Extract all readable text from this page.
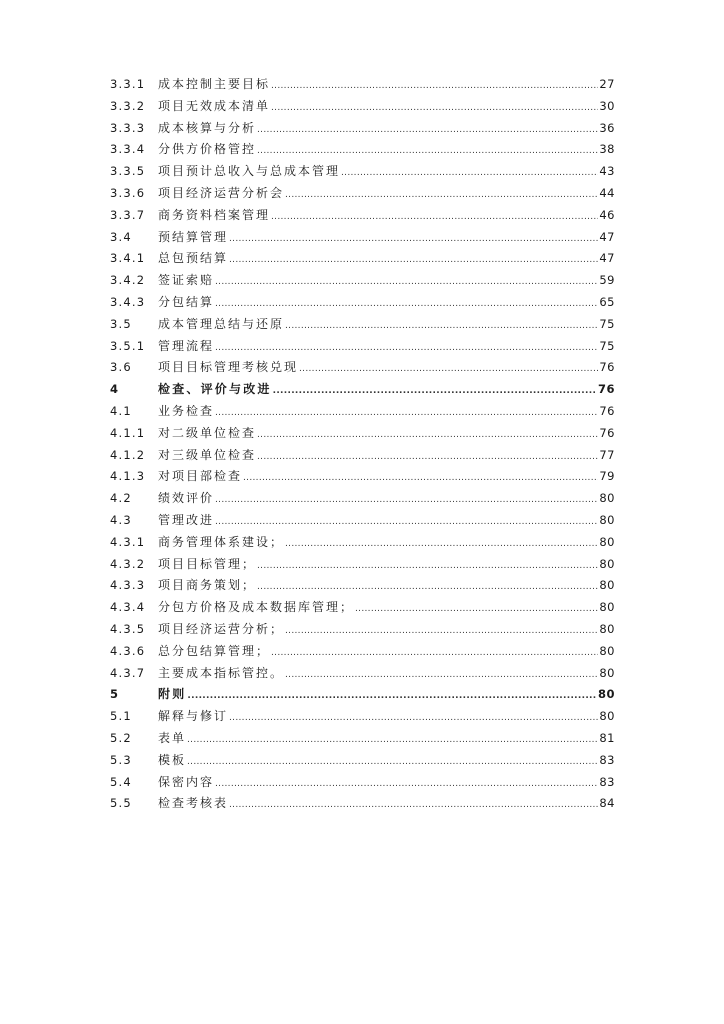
3.3.1	成本控制主要目标 .....	27
3.3.2	项目无效成本清单 .....	30
3.3.3	成本核算与分析 .....	36
3.3.4	分供方价格管控 .....	38
3.3.5	项目预计总收入与总成本管理 .....	43
3.3.6	项目经济运营分析会 .....	44
3.3.7	商务资料档案管理 .....	46
3.4	预结算管理 .....	47
3.4.1	总包预结算 .....	47
3.4.2	签证索赔 .....	59
3.4.3	分包结算 .....	65
3.5	成本管理总结与还原 .....	75
3.5.1	管理流程 .....	75
3.6	项目目标管理考核兑现 .....	76
4	检查、评价与改进 .....	76
4.1	业务检查 .....	76
4.1.1	对二级单位检查 .....	76
4.1.2	对三级单位检查 .....	77
4.1.3	对项目部检查 .....	79
4.2	绩效评价 .....	80
4.3	管理改进 .....	80
4.3.1	商务管理体系建设； .....	80
4.3.2	项目目标管理； .....	80
4.3.3	项目商务策划； .....	80
4.3.4	分包方价格及成本数据库管理； .....	80
4.3.5	项目经济运营分析； .....	80
4.3.6	总分包结算管理； .....	80
4.3.7	主要成本指标管控。 .....	80
5	附则 .....	80
5.1	解释与修订 .....	80
5.2	表单 .....	81
5.3	模板 .....	83
5.4	保密内容 .....	83
5.5	检查考核表 .....	84
